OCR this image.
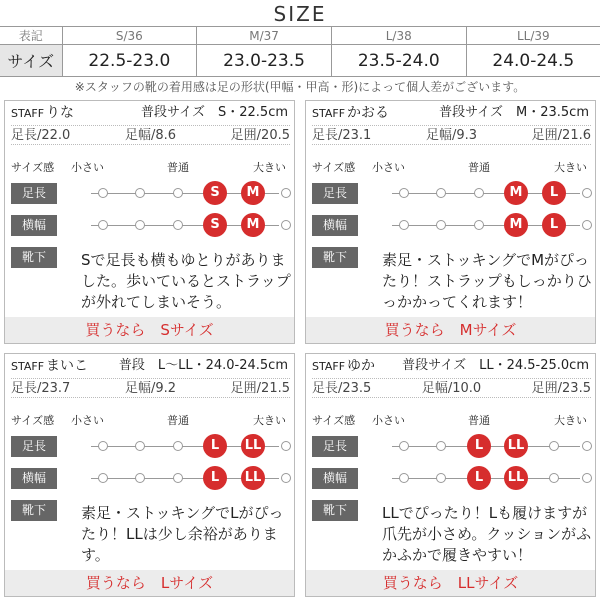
SIZE
表記	S/36	M/37	L/38	LL/39
サイズ	22.5-23.0	23.0-23.5	23.5-24.0	24.0-24.5
※スタッフの靴の着用感は足の形状(甲幅・甲高・形)によって個人差がございます。
STAFF りな	普段サイズ　S・22.5cm
足長/22.0	足幅/8.6	足囲/20.5
サイズ感 小さい	普通	大きい
足長
横幅
靴下	Sで足長も横もゆとりがありました。歩いているとストラップが外れてしまいそう。
買うなら　Sサイズ
S	M
S	M
STAFF かおる	普段サイズ　M・23.5cm
足長/23.1	足幅/9.3	足囲/21.6
サイズ感 小さい	普通	大きい
足長
横幅
靴下	素足・ストッキングでMがぴったり！ストラップもしっかりひっかかってくれます！
買うなら　Mサイズ
M	L
M	L
STAFF まいこ 普段　L〜LL・24.0-24.5cm
足長/23.7	足幅/9.2	足囲/21.5
サイズ感 小さい	普通	大きい
足長
横幅
靴下	素足・ストッキングでLがぴったり！LLは少し余裕があります。
買うなら　Lサイズ
L	LL
L	LL
STAFF ゆか 普段サイズ　LL・24.5-25.0cm
足長/23.5	足幅/10.0	足囲/23.5
サイズ感 小さい	普通	大きい
足長
横幅
靴下	LLでぴったり！Lも履けますが爪先が小さめ。クッションがふかふかで履きやすい！
買うなら　LLサイズ
L	LL
L	LL
